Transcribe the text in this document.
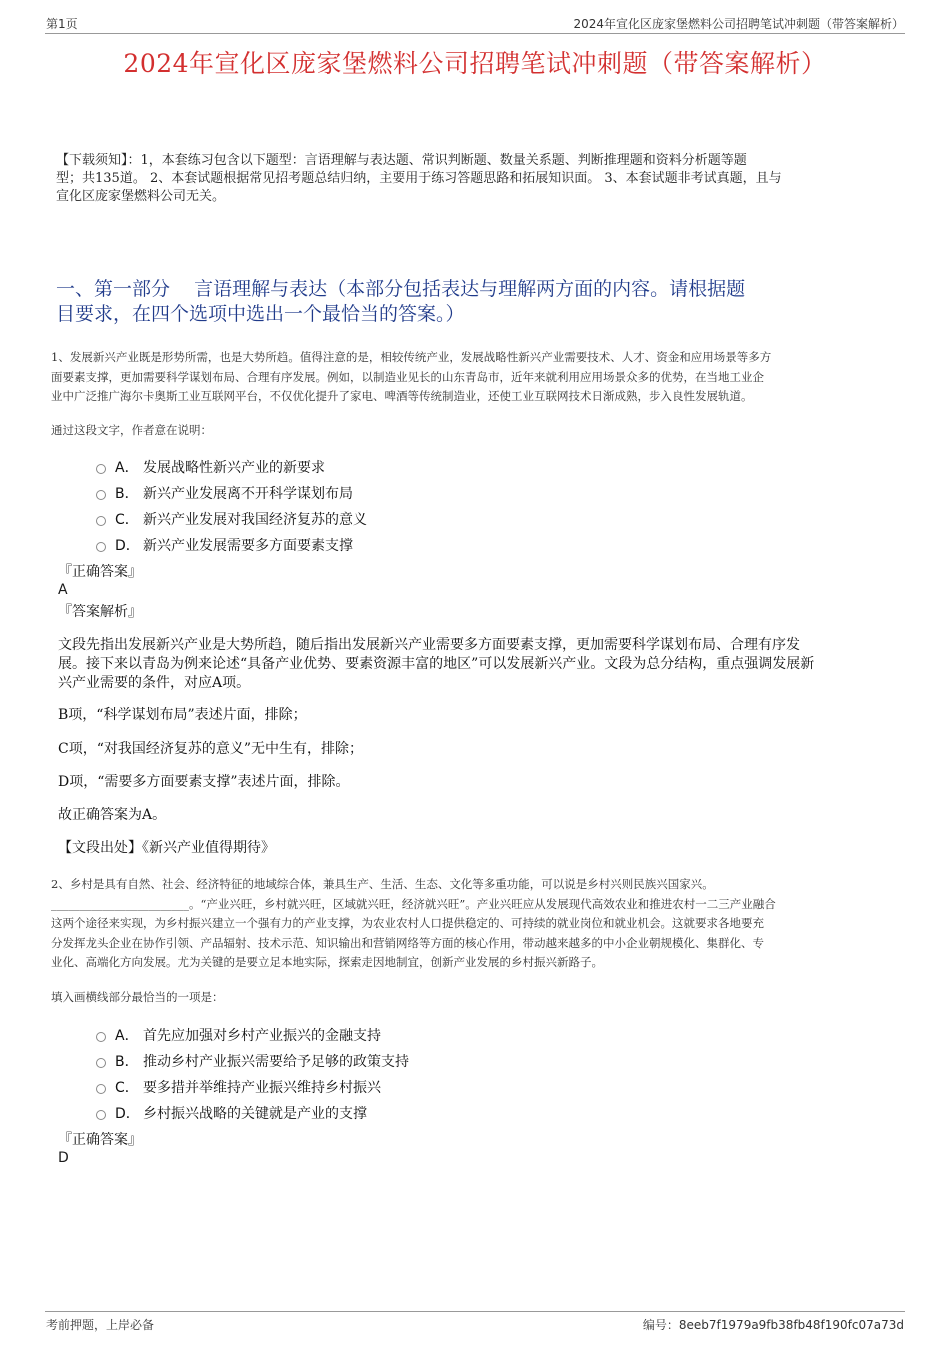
第1页	2024年宣化区庞家堡燃料公司招聘笔试冲刺题（带答案解析）
2024年宣化区庞家堡燃料公司招聘笔试冲刺题（带答案解析）
【下载须知】：1，本套练习包含以下题型：言语理解与表达题、常识判断题、数量关系题、判断推理题和资料分析题等题
型；共135道。 2、本套试题根据常见招考题总结归纳，主要用于练习答题思路和拓展知识面。 3、本套试题非考试真题，且与
宣化区庞家堡燃料公司无关。
一、第一部分    言语理解与表达（本部分包括表达与理解两方面的内容。请根据题
目要求，在四个选项中选出一个最恰当的答案。）
1、发展新兴产业既是形势所需，也是大势所趋。值得注意的是，相较传统产业，发展战略性新兴产业需要技术、人才、资金和应用场景等多方
面要素支撑，更加需要科学谋划布局、合理有序发展。例如，以制造业见长的山东青岛市，近年来就利用应用场景众多的优势，在当地工业企
业中广泛推广海尔卡奥斯工业互联网平台，不仅优化提升了家电、啤酒等传统制造业，还使工业互联网技术日渐成熟，步入良性发展轨道。
通过这段文字，作者意在说明：
A． 发展战略性新兴产业的新要求
B． 新兴产业发展离不开科学谋划布局
C． 新兴产业发展对我国经济复苏的意义
D． 新兴产业发展需要多方面要素支撑
『正确答案』
A
『答案解析』
文段先指出发展新兴产业是大势所趋，随后指出发展新兴产业需要多方面要素支撑，更加需要科学谋划布局、合理有序发
展。接下来以青岛为例来论述“具备产业优势、要素资源丰富的地区”可以发展新兴产业。文段为总分结构，重点强调发展新
兴产业需要的条件，对应A项。
B项，“科学谋划布局”表述片面，排除；
C项，“对我国经济复苏的意义”无中生有，排除；
D项，“需要多方面要素支撑”表述片面，排除。
故正确答案为A。
【文段出处】《新兴产业值得期待》
2、乡村是具有自然、社会、经济特征的地域综合体，兼具生产、生活、生态、文化等多重功能，可以说是乡村兴则民族兴国家兴。
________________________。“产业兴旺，乡村就兴旺，区域就兴旺，经济就兴旺”。产业兴旺应从发展现代高效农业和推进农村一二三产业融合
这两个途径来实现，为乡村振兴建立一个强有力的产业支撑，为农业农村人口提供稳定的、可持续的就业岗位和就业机会。这就要求各地要充
分发挥龙头企业在协作引领、产品辐射、技术示范、知识输出和营销网络等方面的核心作用，带动越来越多的中小企业朝规模化、集群化、专
业化、高端化方向发展。尤为关键的是要立足本地实际，探索走因地制宜，创新产业发展的乡村振兴新路子。
填入画横线部分最恰当的一项是：
A． 首先应加强对乡村产业振兴的金融支持
B． 推动乡村产业振兴需要给予足够的政策支持
C． 要多措并举维持产业振兴维持乡村振兴
D． 乡村振兴战略的关键就是产业的支撑
『正确答案』
D
考前押题，上岸必备	编号：8eeb7f1979a9fb38fb48f190fc07a73d
